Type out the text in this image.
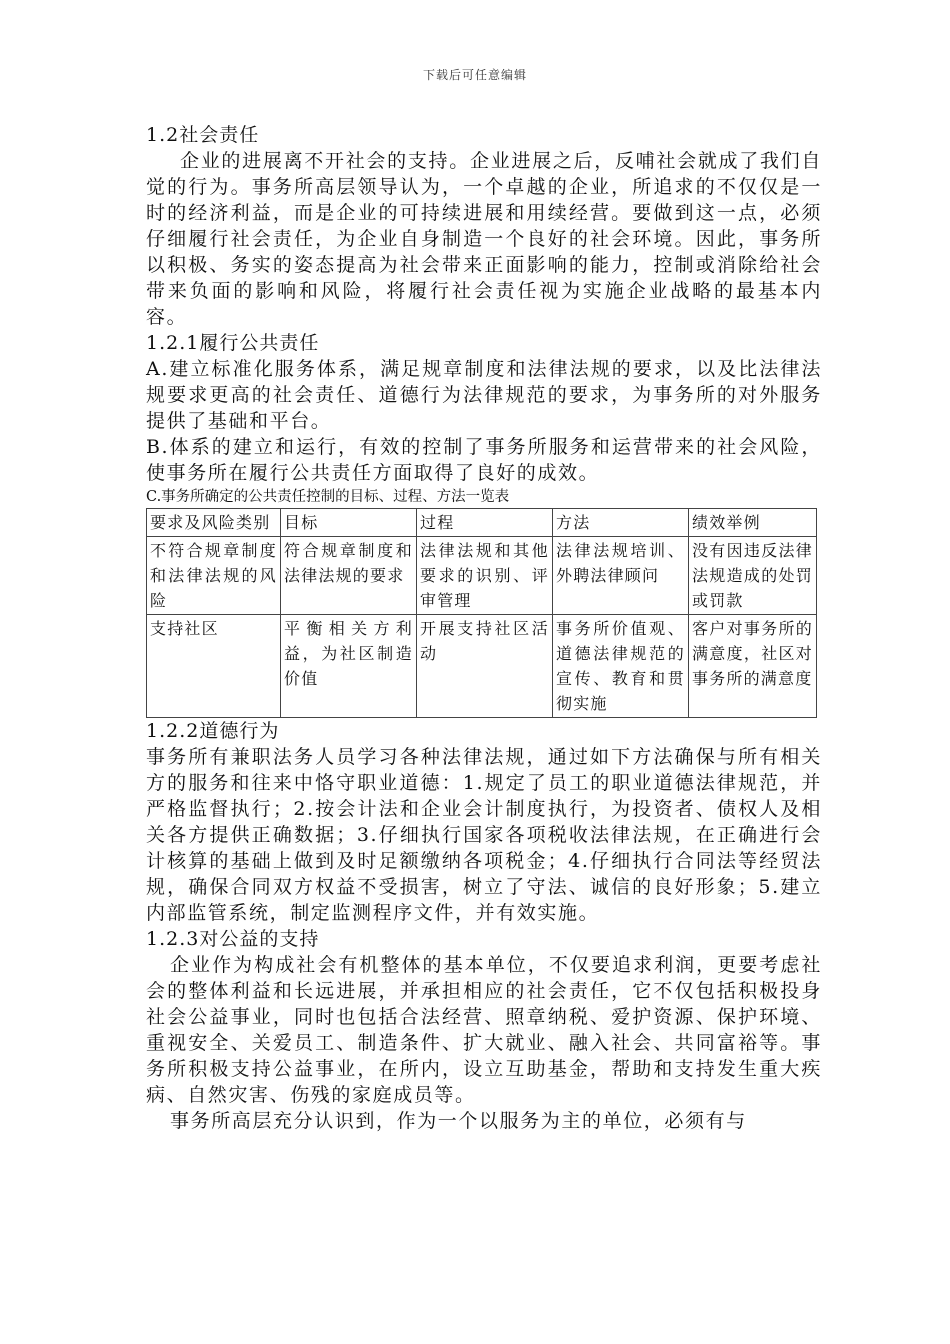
下载后可任意编辑
1.2社会责任

企业的进展离不开社会的支持。企业进展之后，反哺社会就成了我们自觉的行为。事务所高层领导认为，一个卓越的企业，所追求的不仅仅是一时的经济利益，而是企业的可持续进展和用续经营。要做到这一点，必须仔细履行社会责任，为企业自身制造一个良好的社会环境。因此，事务所以积极、务实的姿态提高为社会带来正面影响的能力，控制或消除给社会带来负面的影响和风险，将履行社会责任视为实施企业战略的最基本内容。

1.2.1履行公共责任

A.建立标准化服务体系，满足规章制度和法律法规的要求，以及比法律法规要求更高的社会责任、道德行为法律规范的要求，为事务所的对外服务提供了基础和平台。

B.体系的建立和运行，有效的控制了事务所服务和运营带来的社会风险，使事务所在履行公共责任方面取得了良好的成效。

C.事务所确定的公共责任控制的目标、过程、方法一览表
要求及风险类别	目标	过程	方法	绩效举例
不符合规章制度和法律法规的风险	符合规章制度和法律法规的要求	法律法规和其他要求的识别、评审管理	法律法规培训、外聘法律顾问	没有因违反法律法规造成的处罚或罚款
支持社区	平衡相关方利益，为社区制造价值	开展支持社区活动	事务所价值观、道德法律规范的宣传、教育和贯彻实施	客户对事务所的满意度，社区对事务所的满意度
1.2.2道德行为

事务所有兼职法务人员学习各种法律法规，通过如下方法确保与所有相关方的服务和往来中恪守职业道德：1.规定了员工的职业道德法律规范，并严格监督执行；2.按会计法和企业会计制度执行，为投资者、债权人及相关各方提供正确数据；3.仔细执行国家各项税收法律法规，在正确进行会计核算的基础上做到及时足额缴纳各项税金；4.仔细执行合同法等经贸法规，确保合同双方权益不受损害，树立了守法、诚信的良好形象；5.建立内部监管系统，制定监测程序文件，并有效实施。

1.2.3对公益的支持

企业作为构成社会有机整体的基本单位，不仅要追求利润，更要考虑社会的整体利益和长远进展，并承担相应的社会责任，它不仅包括积极投身社会公益事业，同时也包括合法经营、照章纳税、爱护资源、保护环境、重视安全、关爱员工、制造条件、扩大就业、融入社会、共同富裕等。事务所积极支持公益事业，在所内，设立互助基金，帮助和支持发生重大疾病、自然灾害、伤残的家庭成员等。

事务所高层充分认识到，作为一个以服务为主的单位，必须有与
